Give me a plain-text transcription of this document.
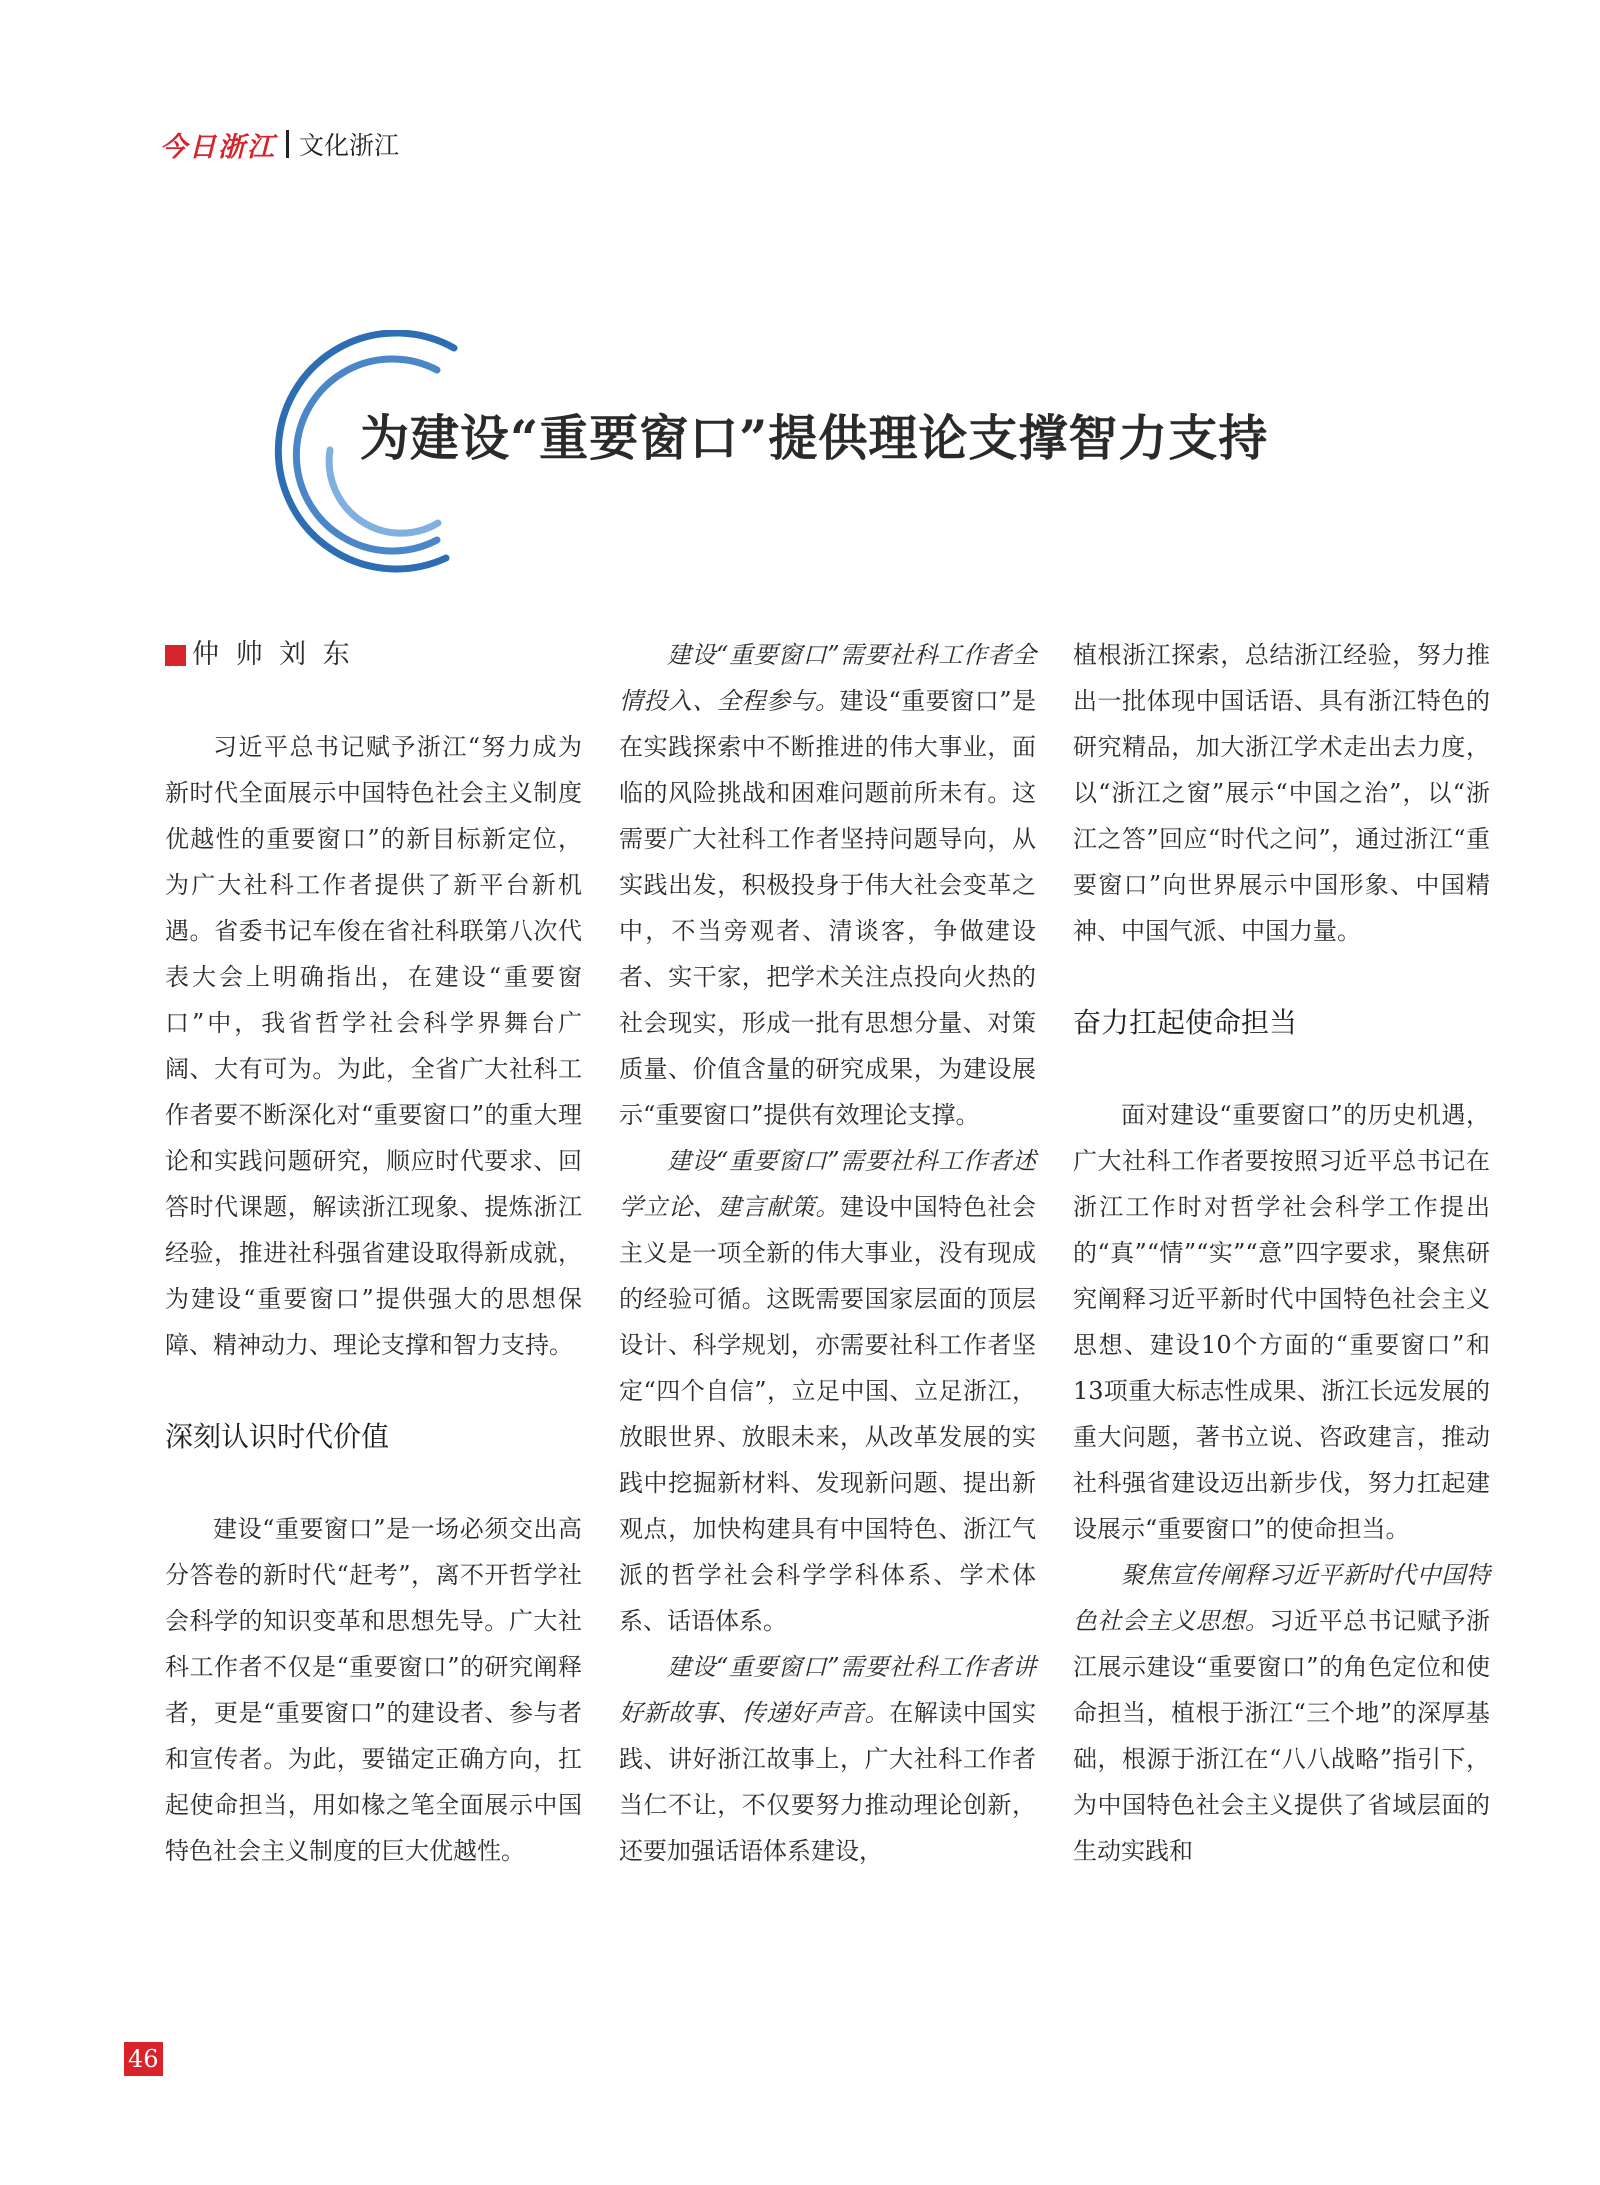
今日浙江 文化浙江
为建设“重要窗口”提供理论支撑智力支持
仲 帅 刘 东

习近平总书记赋予浙江“努力成为新时代全面展示中国特色社会主义制度优越性的重要窗口”的新目标新定位，为广大社科工作者提供了新平台新机遇。省委书记车俊在省社科联第八次代表大会上明确指出，在建设“重要窗口”中，我省哲学社会科学界舞台广阔、大有可为。为此，全省广大社科工作者要不断深化对“重要窗口”的重大理论和实践问题研究，顺应时代要求、回答时代课题，解读浙江现象、提炼浙江经验，推进社科强省建设取得新成就，为建设“重要窗口”提供强大的思想保障、精神动力、理论支撑和智力支持。

深刻认识时代价值

建设“重要窗口”是一场必须交出高分答卷的新时代“赶考”，离不开哲学社会科学的知识变革和思想先导。广大社科工作者不仅是“重要窗口”的研究阐释者，更是“重要窗口”的建设者、参与者和宣传者。为此，要锚定正确方向，扛起使命担当，用如椽之笔全面展示中国特色社会主义制度的巨大优越性。

建设“重要窗口”需要社科工作者全情投入、全程参与。建设“重要窗口”是在实践探索中不断推进的伟大事业，面临的风险挑战和困难问题前所未有。这需要广大社科工作者坚持问题导向，从实践出发，积极投身于伟大社会变革之中，不当旁观者、清谈客，争做建设者、实干家，把学术关注点投向火热的社会现实，形成一批有思想分量、对策质量、价值含量的研究成果，为建设展示“重要窗口”提供有效理论支撑。

建设“重要窗口”需要社科工作者述学立论、建言献策。建设中国特色社会主义是一项全新的伟大事业，没有现成的经验可循。这既需要国家层面的顶层设计、科学规划，亦需要社科工作者坚定“四个自信”，立足中国、立足浙江，放眼世界、放眼未来，从改革发展的实践中挖掘新材料、发现新问题、提出新观点，加快构建具有中国特色、浙江气派的哲学社会科学学科体系、学术体系、话语体系。

建设“重要窗口”需要社科工作者讲好新故事、传递好声音。在解读中国实践、讲好浙江故事上，广大社科工作者当仁不让，不仅要努力推动理论创新，还要加强话语体系建设，

植根浙江探索，总结浙江经验，努力推出一批体现中国话语、具有浙江特色的研究精品，加大浙江学术走出去力度，以“浙江之窗”展示“中国之治”，以“浙江之答”回应“时代之问”，通过浙江“重要窗口”向世界展示中国形象、中国精神、中国气派、中国力量。

奋力扛起使命担当

面对建设“重要窗口”的历史机遇，广大社科工作者要按照习近平总书记在浙江工作时对哲学社会科学工作提出的“真”“情”“实”“意”四字要求，聚焦研究阐释习近平新时代中国特色社会主义思想、建设10个方面的“重要窗口”和13项重大标志性成果、浙江长远发展的重大问题，著书立说、咨政建言，推动社科强省建设迈出新步伐，努力扛起建设展示“重要窗口”的使命担当。

聚焦宣传阐释习近平新时代中国特色社会主义思想。习近平总书记赋予浙江展示建设“重要窗口”的角色定位和使命担当，植根于浙江“三个地”的深厚基础，根源于浙江在“八八战略”指引下，为中国特色社会主义提供了省域层面的生动实践和

46
